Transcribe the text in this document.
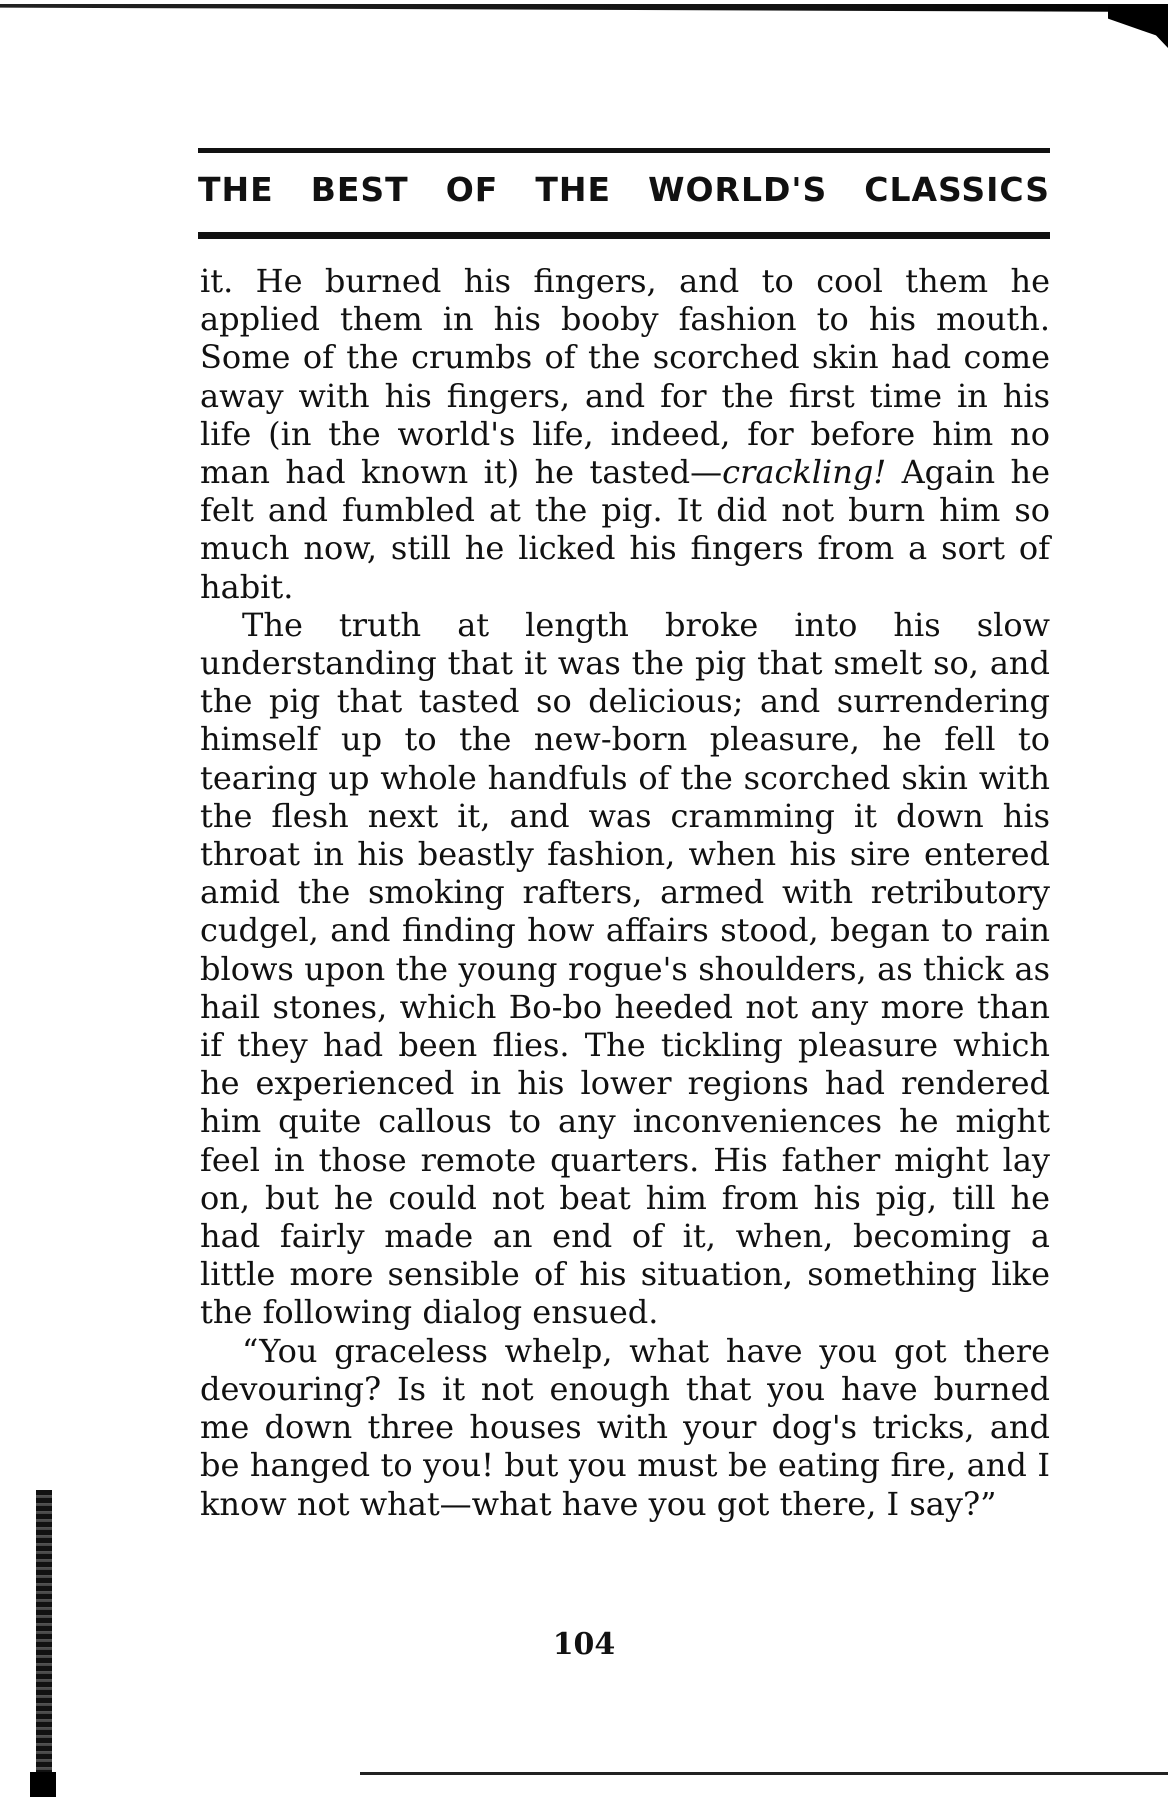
THE BEST OF THE WORLD'S CLASSICS

it. He burned his fingers, and to cool them he applied them in his booby fashion to his mouth. Some of the crumbs of the scorched skin had come away with his fingers, and for the first time in his life (in the world's life, indeed, for before him no man had known it) he tasted—crackling! Again he felt and fumbled at the pig. It did not burn him so much now, still he licked his fingers from a sort of habit.

The truth at length broke into his slow understanding that it was the pig that smelt so, and the pig that tasted so delicious; and surrendering himself up to the new-born pleasure, he fell to tearing up whole handfuls of the scorched skin with the flesh next it, and was cramming it down his throat in his beastly fashion, when his sire entered amid the smoking rafters, armed with retributory cudgel, and finding how affairs stood, began to rain blows upon the young rogue's shoulders, as thick as hail stones, which Bo-bo heeded not any more than if they had been flies. The tickling pleasure which he experienced in his lower regions had rendered him quite callous to any inconveniences he might feel in those remote quarters. His father might lay on, but he could not beat him from his pig, till he had fairly made an end of it, when, becoming a little more sensible of his situation, something like the following dialog ensued.

“You graceless whelp, what have you got there devouring? Is it not enough that you have burned me down three houses with your dog's tricks, and be hanged to you! but you must be eating fire, and I know not what—what have you got there, I say?”

104
